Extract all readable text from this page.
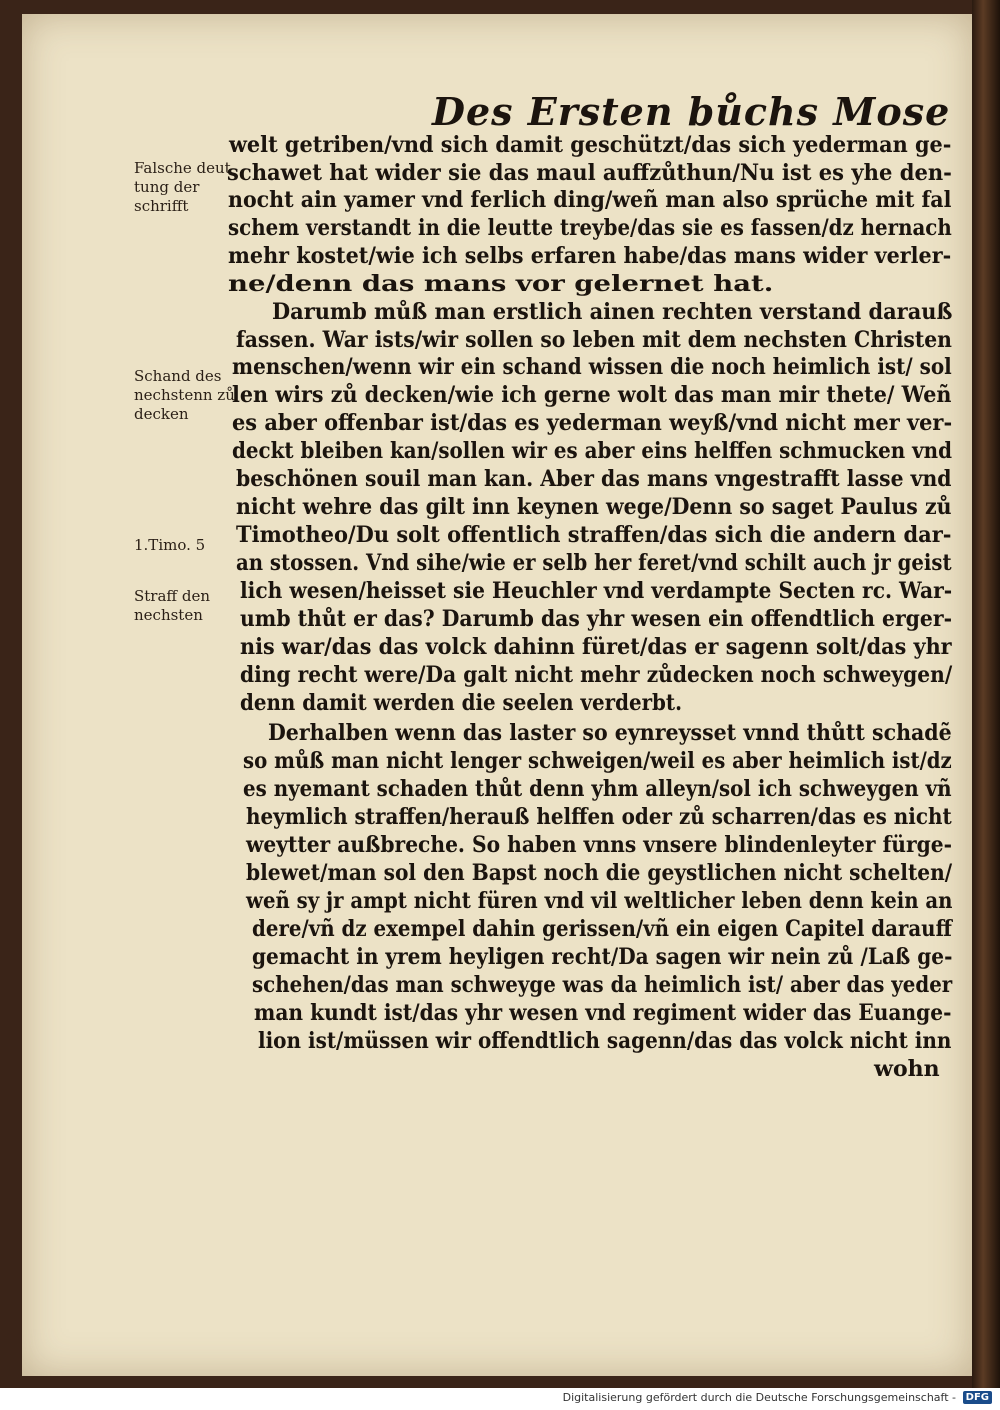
Des Ersten bůchs Mose
Falsche deut
tung der
schrifft
Schand des
nechstenn zů
decken
1.Timo. 5
Straff den
nechsten
welt getriben/vnd sich damit geschützt/das sich yederman ge-
schawet hat wider sie das maul auffzůthun/Nu ist es yhe den-
nocht ain yamer vnd ferlich ding/weñ man also sprüche mit fal
schem verstandt in die leutte treybe/das sie es fassen/dz hernach
mehr kostet/wie ich selbs erfaren habe/das mans wider verler-
ne/denn das mans vor gelernet hat.
Darumb můß man erstlich ainen rechten verstand darauß
fassen. War ists/wir sollen so leben mit dem nechsten Christen
menschen/wenn wir ein schand wissen die noch heimlich ist/ sol
len wirs zů decken/wie ich gerne wolt das man mir thete/ Weñ
es aber offenbar ist/das es yederman weyß/vnd nicht mer ver-
deckt bleiben kan/sollen wir es aber eins helffen schmucken vnd
beschönen souil man kan. Aber das mans vngestrafft lasse vnd
nicht wehre das gilt inn keynen wege/Denn so saget Paulus zů
Timotheo/Du solt offentlich straffen/das sich die andern dar-
an stossen. Vnd sihe/wie er selb her feret/vnd schilt auch jr geist
lich wesen/heisset sie Heuchler vnd verdampte Secten rc. War-
umb thůt er das? Darumb das yhr wesen ein offendtlich erger-
nis war/das das volck dahinn füret/das er sagenn solt/das yhr
ding recht were/Da galt nicht mehr zůdecken noch schweygen/
denn damit werden die seelen verderbt.
Derhalben wenn das laster so eynreysset vnnd thůtt schadẽ
so můß man nicht lenger schweigen/weil es aber heimlich ist/dz
es nyemant schaden thůt denn yhm alleyn/sol ich schweygen vñ
heymlich straffen/herauß helffen oder zů scharren/das es nicht
weytter außbreche. So haben vnns vnsere blindenleyter fürge-
blewet/man sol den Bapst noch die geystlichen nicht schelten/
weñ sy jr ampt nicht füren vnd vil weltlicher leben denn kein an
dere/vñ dz exempel dahin gerissen/vñ ein eigen Capitel darauff
gemacht in yrem heyligen recht/Da sagen wir nein zů /Laß ge-
schehen/das man schweyge was da heimlich ist/ aber das yeder
man kundt ist/das yhr wesen vnd regiment wider das Euange-
lion ist/müssen wir offendtlich sagenn/das das volck nicht inn
wohn
Digitalisierung gefördert durch die Deutsche Forschungsgemeinschaft - DFG
